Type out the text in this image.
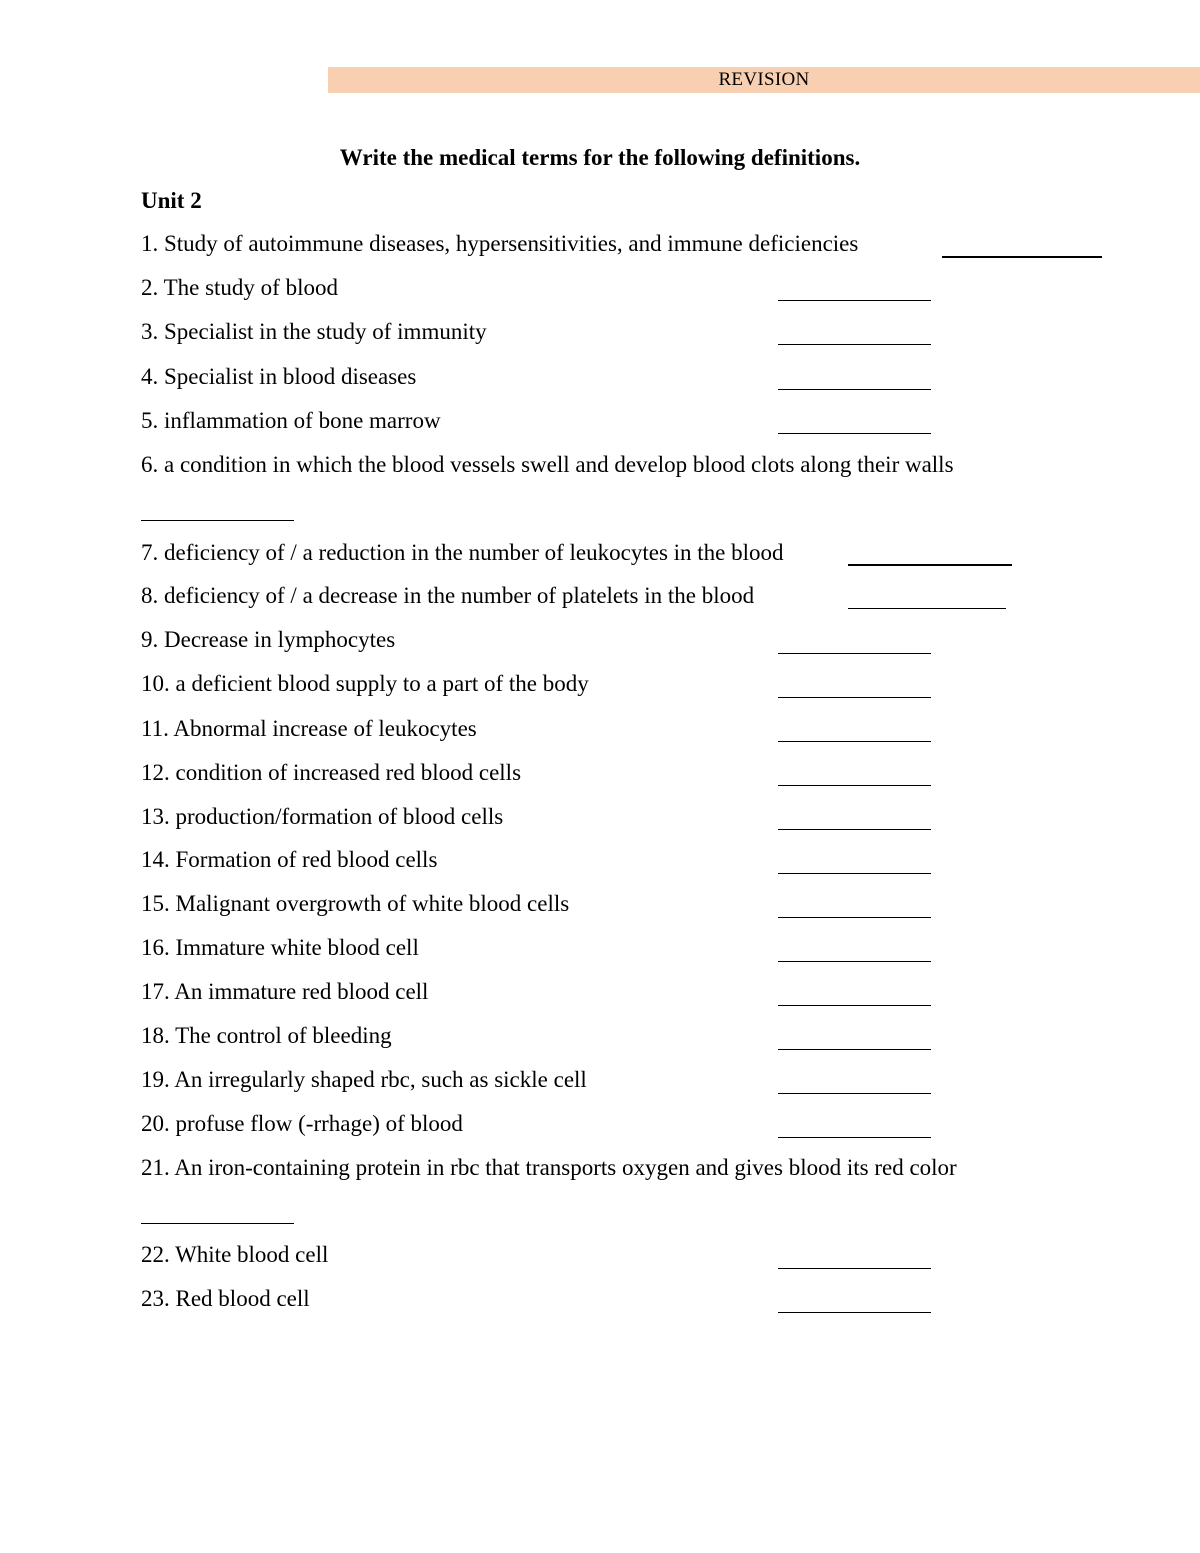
REVISION
Write the medical terms for the following definitions.
Unit 2
1. Study of autoimmune diseases, hypersensitivities, and immune deficiencies
2. The study of blood
3. Specialist in the study of immunity
4. Specialist in blood diseases
5. inflammation of bone marrow
6. a condition in which the blood vessels swell and develop blood clots along their walls
7. deficiency of / a reduction in the number of leukocytes in the blood
8. deficiency of / a decrease in the number of platelets in the blood
9. Decrease in lymphocytes
10. a deficient blood supply to a part of the body
11. Abnormal increase of leukocytes
12. condition of increased red blood cells
13. production/formation of blood cells
14. Formation of red blood cells
15. Malignant overgrowth of white blood cells
16. Immature white blood cell
17. An immature red blood cell
18. The control of bleeding
19. An irregularly shaped rbc, such as sickle cell
20. profuse flow (-rrhage) of blood
21. An iron-containing protein in rbc that transports oxygen and gives blood its red color
22. White blood cell
23. Red blood cell
